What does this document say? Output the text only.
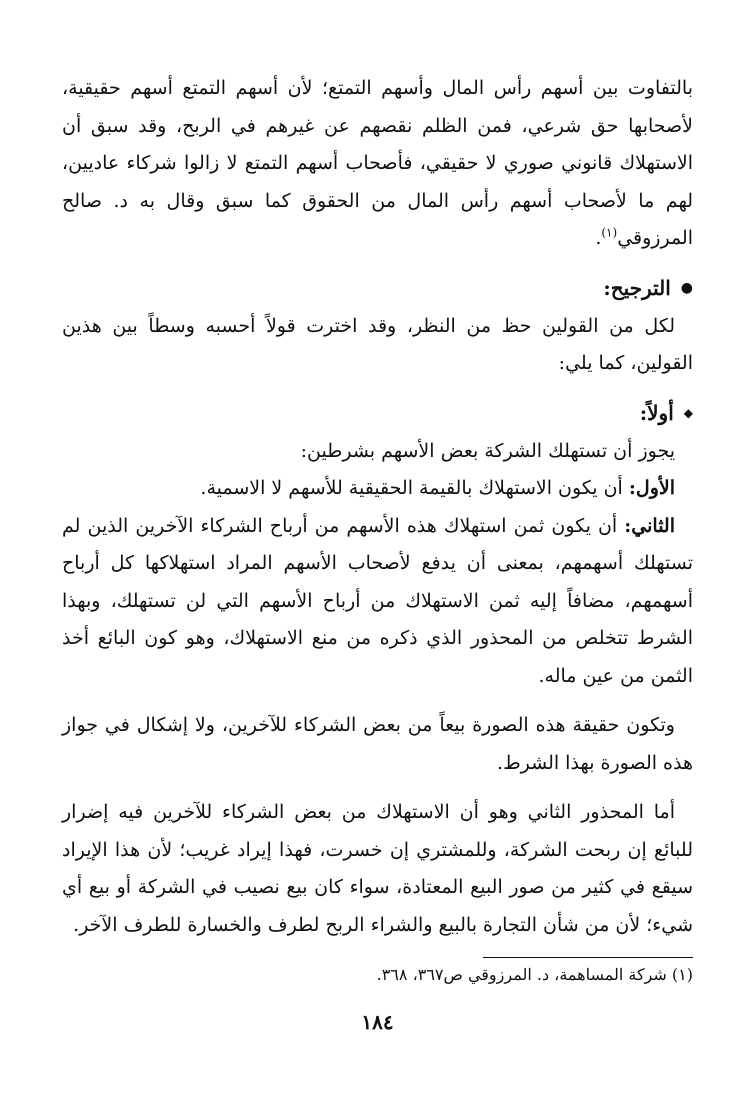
بالتفاوت بين أسهم رأس المال وأسهم التمتع؛ لأن أسهم التمتع أسهم حقيقية، لأصحابها حق شرعي، فمن الظلم نقصهم عن غيرهم في الربح، وقد سبق أن الاستهلاك قانوني صوري لا حقيقي، فأصحاب أسهم التمتع لا زالوا شركاء عاديين، لهم ما لأصحاب أسهم رأس المال من الحقوق كما سبق وقال به د. صالح المرزوقي$^{(١)}$.

●
الترجيح:

لكل من القولين حظ من النظر، وقد اخترت قولاً أحسبه وسطاً بين هذين القولين، كما يلي:

◆
أولاً:

يجوز أن تستهلك الشركة بعض الأسهم بشرطين:

الأول: أن يكون الاستهلاك بالقيمة الحقيقية للأسهم لا الاسمية.

الثاني: أن يكون ثمن استهلاك هذه الأسهم من أرباح الشركاء الآخرين الذين لم تستهلك أسهمهم، بمعنى أن يدفع لأصحاب الأسهم المراد استهلاكها كل أرباح أسهمهم، مضافاً إليه ثمن الاستهلاك من أرباح الأسهم التي لن تستهلك، وبهذا الشرط تتخلص من المحذور الذي ذكره من منع الاستهلاك، وهو كون البائع أخذ الثمن من عين ماله.

وتكون حقيقة هذه الصورة بيعاً من بعض الشركاء للآخرين، ولا إشكال في جواز هذه الصورة بهذا الشرط.

أما المحذور الثاني وهو أن الاستهلاك من بعض الشركاء للآخرين فيه إضرار للبائع إن ربحت الشركة، وللمشتري إن خسرت، فهذا إيراد غريب؛ لأن هذا الإيراد سيقع في كثير من صور البيع المعتادة، سواء كان بيع نصيب في الشركة أو بيع أي شيء؛ لأن من شأن التجارة بالبيع والشراء الربح لطرف والخسارة للطرف الآخر.

(١) شركة المساهمة، د. المرزوقي ص٣٦٧، ٣٦٨.

١٨٤
